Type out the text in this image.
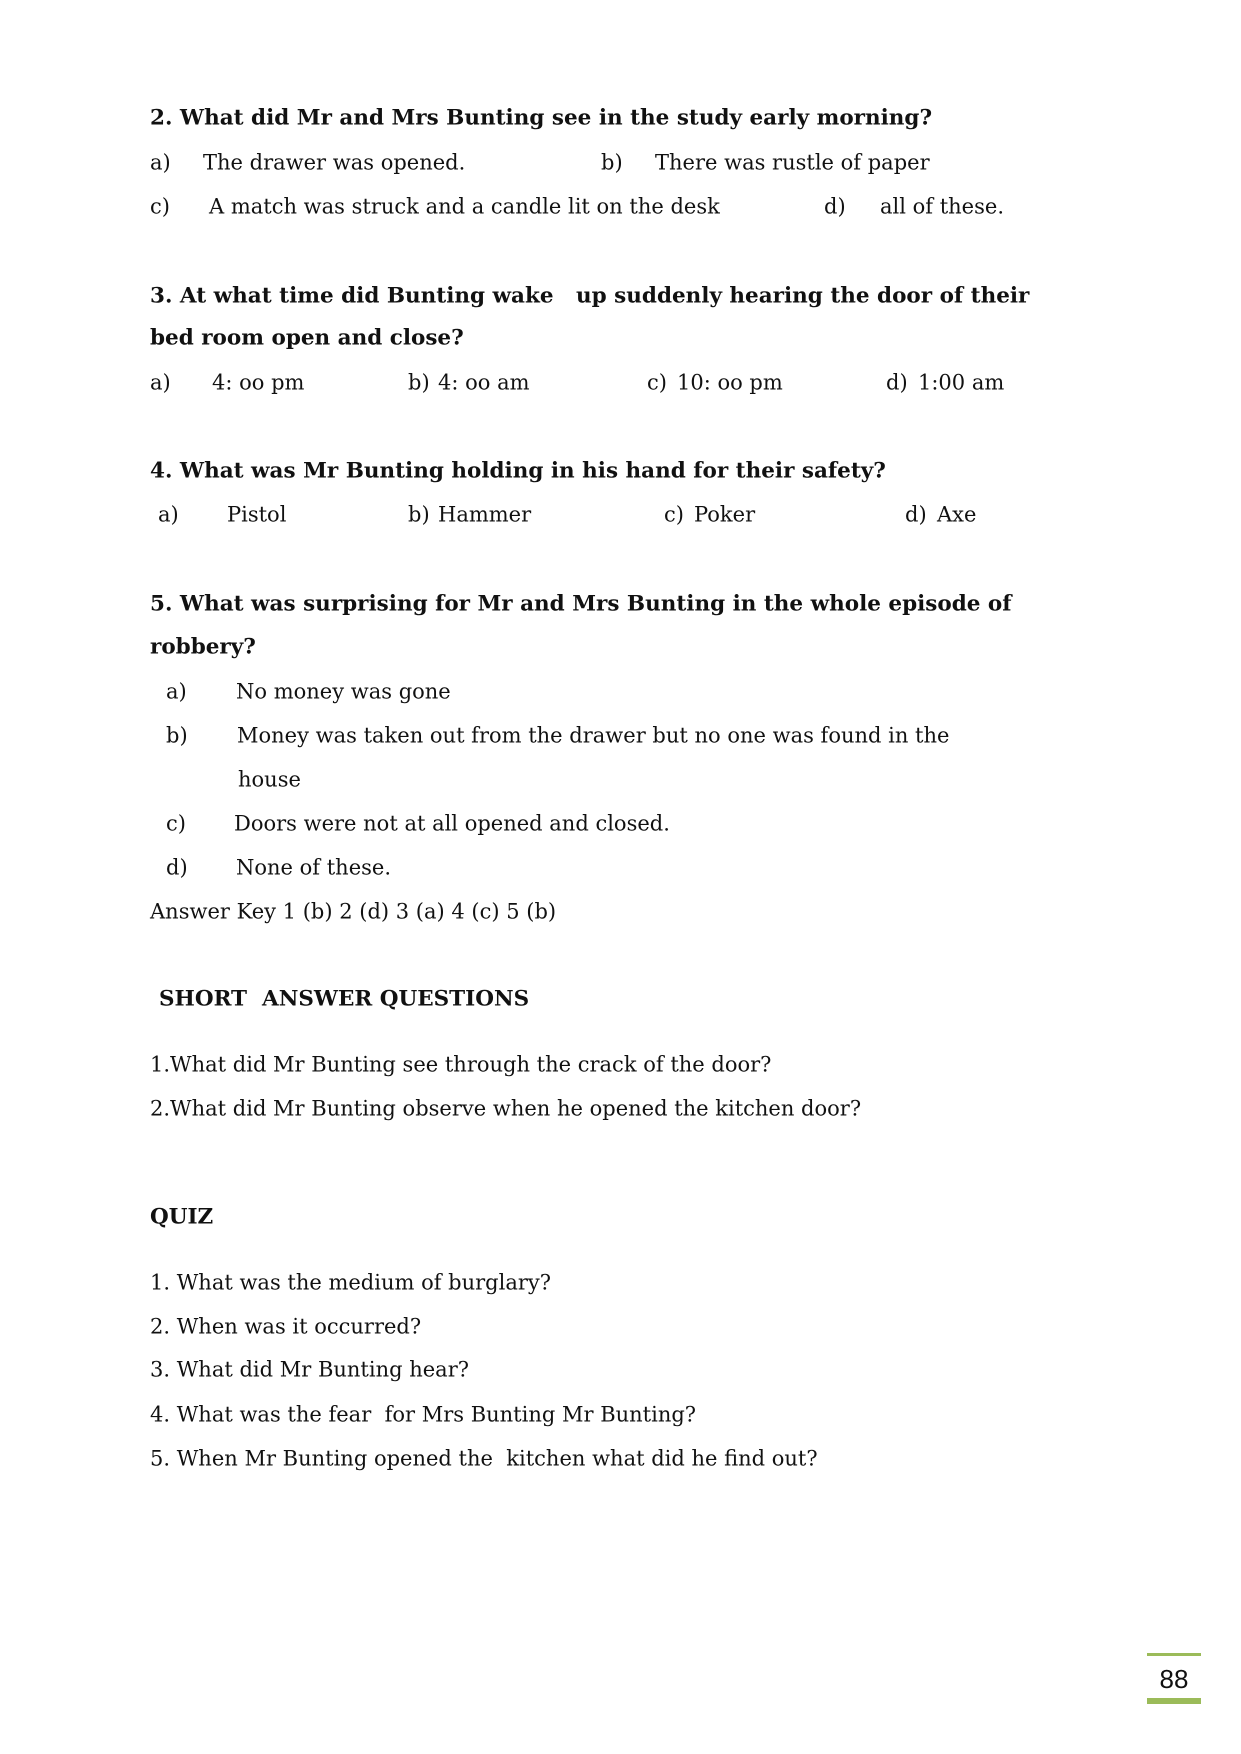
2. What did Mr and Mrs Bunting see in the study early morning?
a) The drawer was opened.	b) There was rustle of paper
c) A match was struck and a candle lit on the desk	d) all of these.
3. At what time did Bunting wake   up suddenly hearing the door of their
bed room open and close?
a) 4: oo pm	b) 4: oo am	c) 10: oo pm	d) 1:00 am
4. What was Mr Bunting holding in his hand for their safety?
a) Pistol	b) Hammer	c) Poker	d) Axe
5. What was surprising for Mr and Mrs Bunting in the whole episode of
robbery?
a) No money was gone
b) Money was taken out from the drawer but no one was found in the
house
c) Doors were not at all opened and closed.
d) None of these.
Answer Key 1 (b) 2 (d) 3 (a) 4 (c) 5 (b)
SHORT  ANSWER QUESTIONS
1.What did Mr Bunting see through the crack of the door?
2.What did Mr Bunting observe when he opened the kitchen door?
QUIZ
1. What was the medium of burglary?
2. When was it occurred?
3. What did Mr Bunting hear?
4. What was the fear  for Mrs Bunting Mr Bunting?
5. When Mr Bunting opened the  kitchen what did he find out?
88
